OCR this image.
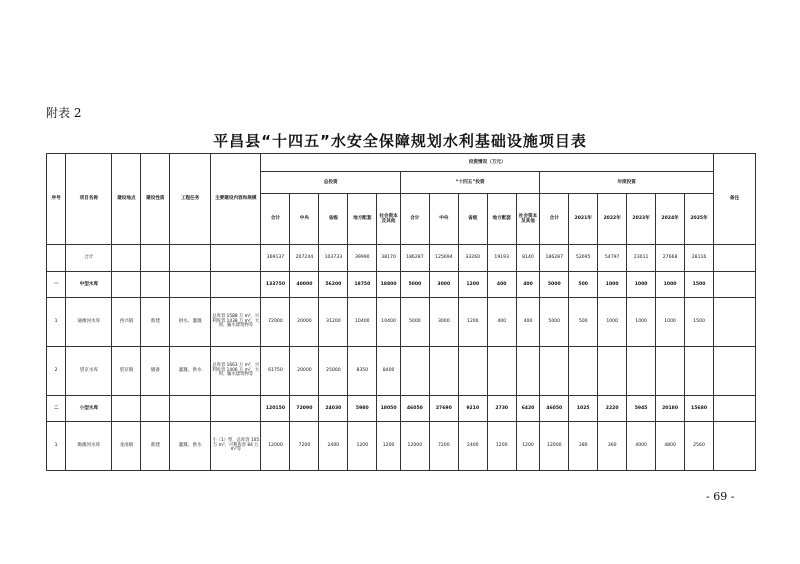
附表 2
平昌县“十四五”水安全保障规划水利基础设施项目表
序号	项目名称	建设地点	建设性质	工程任务	主要建设内容和规模	投资情况（万元）																备注
						总投资					“十四五”投资					年度投资						
						合计	中央	省级	地方配套	社会资本及其他	合计	中央	省级	地方配套	社会资本及其他	合计	2021年	2022年	2023年	2024年	2025年	
	合计					369137	207244	103733	39990	38170	186287	125694	33260	19193	8140	186287	52695	54797	23011	27668	28116	
一	中型水库					133750	40000	56200	18750	18800	5000	3000	1200	400	400	5000	500	1000	1000	1000	1500	
1	通滩河水库	西兴镇	新建	供水、灌溉	总库容 1588 万 m³，兴利库容 1438 万 m³，大坝、输水建筑物等	72000	20000	31200	10400	10400	5000	3000	1200	400	400	5000	500	1000	1000	1000	1500	
2	望京水库	望京镇	储备	灌溉、供水	总库容 1663 万 m³，兴利库容 1406 万 m³，大坝、输水建筑物等	61750	20000	25000	8350	8400												
二	小型水库					120150	72090	24030	5980	18050	46050	27690	9210	2730	6420	46050	1025	2220	5945	20180	15680	
1	澌滩河水库	龙岗镇	新建	灌溉、供水	小（1）型，总库容 105 万 m³，兴利库容 84 万 m³等	12000	7200	2400	1200	1200	12000	7200	2400	1200	1200	12000	280	360	4000	4800	2560	
- 69 -
